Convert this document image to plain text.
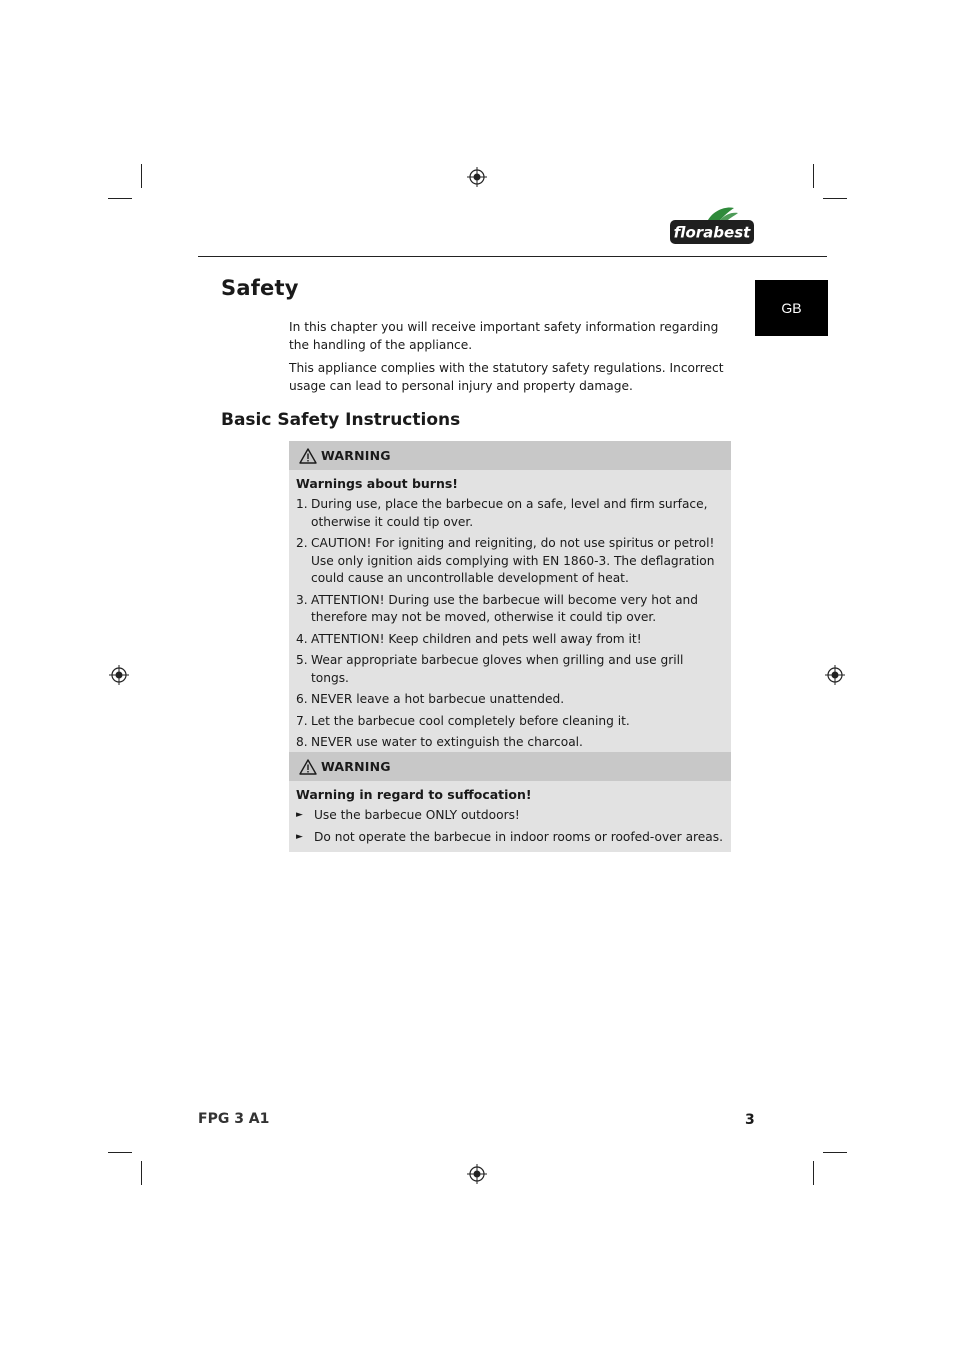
florabest
GB
Safety

In this chapter you will receive important safety information regarding the handling of the appliance.

This appliance complies with the statutory safety regulations. Incorrect usage can lead to personal injury and property damage.

Basic Safety Instructions
WARNING
Warnings about burns!
1. During use, place the barbecue on a safe, level and firm surface, otherwise it could tip over.
2. CAUTION! For igniting and reigniting, do not use spiritus or petrol! Use only ignition aids complying with EN 1860-3. The deflagration could cause an uncontrollable development of heat.
3. ATTENTION! During use the barbecue will become very hot and therefore may not be moved, otherwise it could tip over.
4. ATTENTION! Keep children and pets well away from it!
5. Wear appropriate barbecue gloves when grilling and use grill tongs.
6. NEVER leave a hot barbecue unattended.
7. Let the barbecue cool completely before cleaning it.
8. NEVER use water to extinguish the charcoal.
WARNING
Warning in regard to suffocation!
► Use the barbecue ONLY outdoors!
► Do not operate the barbecue in indoor rooms or roofed-over areas.
FPG 3 A1	3
